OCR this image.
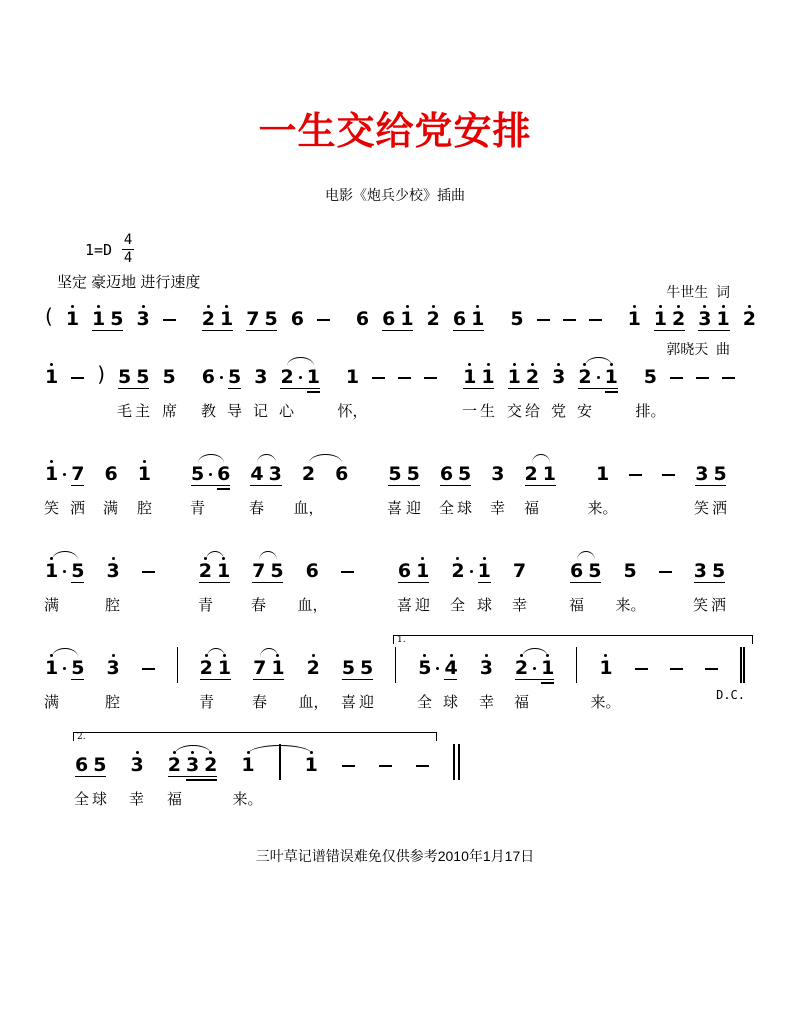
一生交给党安排
电影《炮兵少校》插曲
$1=D \frac{4}{4}$
坚定 豪迈地 进行速度

牛世生  词

郭晓天  曲

( 1 1 5 3	2 1 7 5 6	6 6 1 2 6 1 5	1 1 2 3 1 2
1 ) 5 5 5 6 5 3 2 1 1	1 1 1 2 3 2 1 5
毛 主 席 教 导 记 心	怀，	一 生 交 给 党 安	排。
1 7 6 1 5 6 4 3 2 6 5 5 6 5 3 2 1 1	3 5
笑 洒 满 腔	青	春 血，	喜 迎 全 球 幸 福	来。	笑 洒
1 5 3	2 1 7 5 6	6 1 2 1 7 6 5 5	3 5
满	腔	青	春 血，	喜 迎 全 球 幸	福 来。	笑 洒
1 5 3	2 1 7 1 2 5 5 5 4 3 2 1 1
1.
D.C.
满	腔	青	春 血， 喜 迎	全 球 幸 福	来。
6 5 3 2 3 2 1	1
2.
全 球 幸 福	来。
三叶草记谱错误难免仅供参考2010年1月17日
